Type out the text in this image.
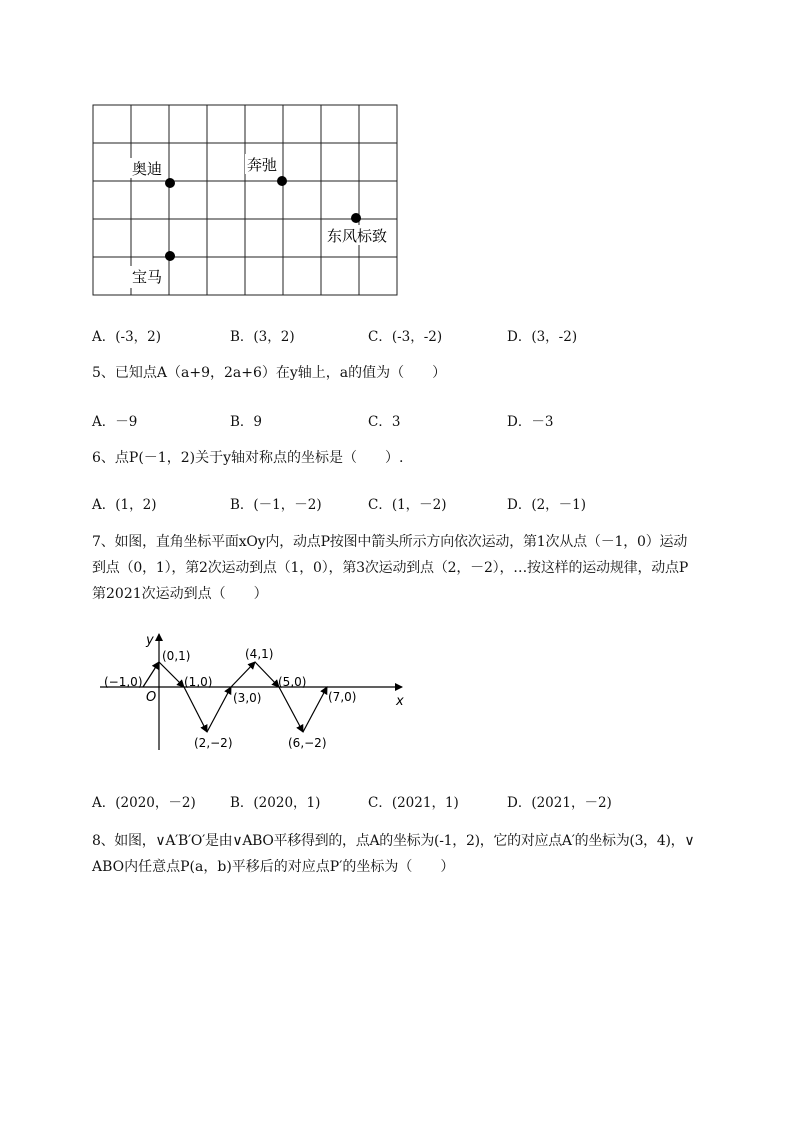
奥迪	奔弛
东风标致
宝马
A．(-3，2)	B．(3，2)	C．(-3，-2)	D．(3，-2)
5、已知点A（a+9，2a+6）在y轴上，a的值为（　　）
A．－9	B．9	C．3	D．－3
6、点P(－1，2)关于y轴对称点的坐标是（　　）.
A．(1，2)	B．(－1，－2)	C．(1，－2)	D．(2，－1)
7、如图，直角坐标平面xOy内，动点P按图中箭头所示方向依次运动，第1次从点（－1，0）运动
到点（0，1），第2次运动到点（1，0），第3次运动到点（2，－2），…按这样的运动规律，动点P
第2021次运动到点（　　）
y
x
O
(−1,0)
(0,1)
(1,0)
(2,−2)
(3,0)
(4,1)
(5,0)
(6,−2)
(7,0)
A．(2020，－2)	B．(2020，1)	C．(2021，1)	D．(2021，－2)
8、如图，∨A′B′O′是由∨ABO平移得到的，点A的坐标为(-1，2)，它的对应点A′的坐标为(3，4)，∨
ABO内任意点P(a，b)平移后的对应点P′的坐标为（　　）
